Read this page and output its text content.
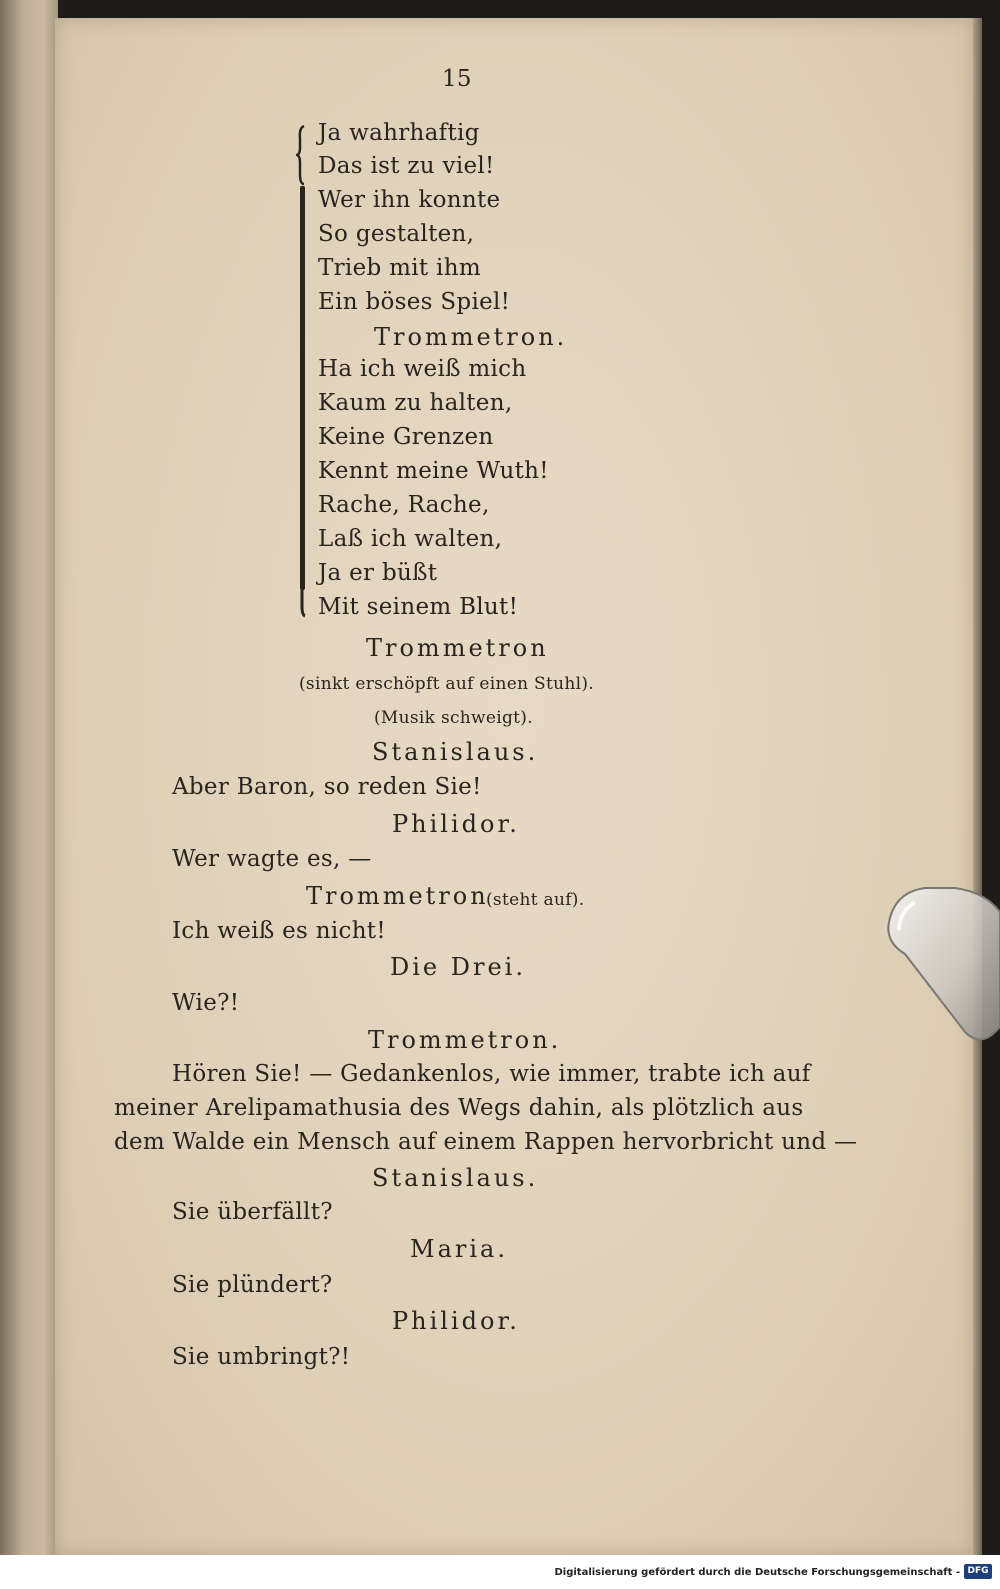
15
Ja wahrhaftig
Das ist zu viel!
Wer ihn konnte
So gestalten,
Trieb mit ihm
Ein böses Spiel!
Trommetron.
Ha ich weiß mich
Kaum zu halten,
Keine Grenzen
Kennt meine Wuth!
Rache, Rache,
Laß ich walten,
Ja er büßt
Mit seinem Blut!
Trommetron
(sinkt erschöpft auf einen Stuhl).
(Musik schweigt).
Stanislaus.
Aber Baron, so reden Sie!
Philidor.
Wer wagte es, —
Trommetron
(steht auf).
Ich weiß es nicht!
Die Drei.
Wie?!
Trommetron.
Hören Sie! — Gedankenlos, wie immer, trabte ich auf
meiner Arelipamathusia des Wegs dahin, als plötzlich aus
dem Walde ein Mensch auf einem Rappen hervorbricht und —
Stanislaus.
Sie überfällt?
Maria.
Sie plündert?
Philidor.
Sie umbringt?!
Digitalisierung gefördert durch die Deutsche Forschungsgemeinschaft - DFG
